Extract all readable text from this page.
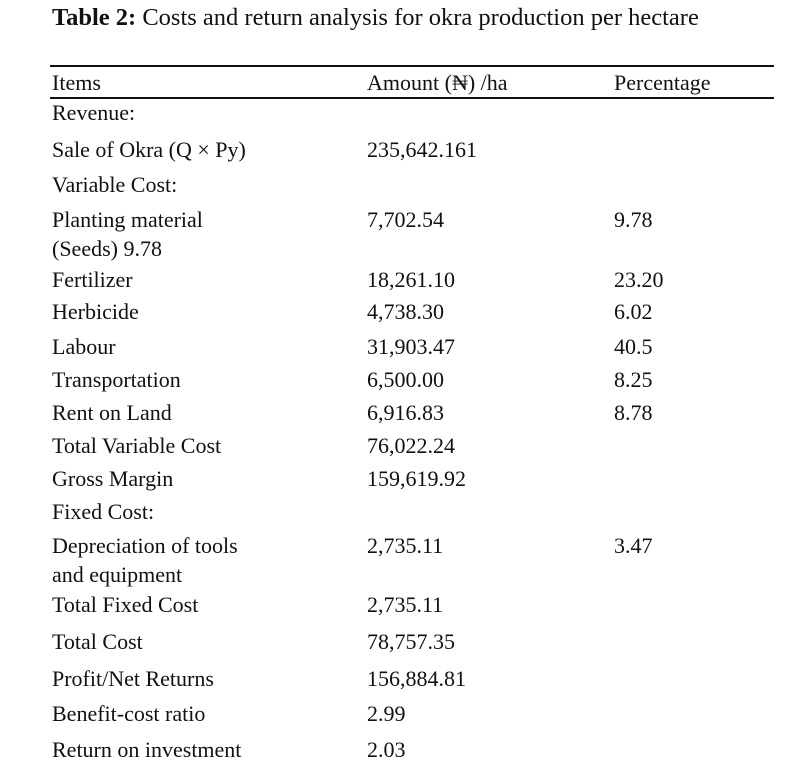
Table 2: Costs and return analysis for okra production per hectare
Items	Amount (₦) /ha	Percentage
Revenue:
Sale of Okra (Q × Py)	235,642.161
Variable Cost:
Planting material
(Seeds) 9.78
7,702.54	9.78
Fertilizer	18,261.10	23.20
Herbicide	4,738.30	6.02
Labour	31,903.47	40.5
Transportation	6,500.00	8.25
Rent on Land	6,916.83	8.78
Total Variable Cost	76,022.24
Gross Margin	159,619.92
Fixed Cost:
Depreciation of tools
and equipment
2,735.11	3.47
Total Fixed Cost	2,735.11
Total Cost	78,757.35
Profit/Net Returns	156,884.81
Benefit-cost ratio	2.99
Return on investment	2.03
